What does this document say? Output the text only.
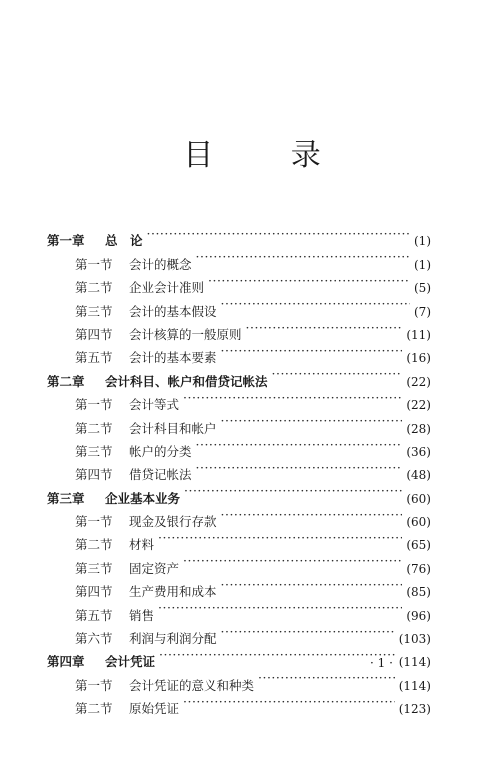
目 录
第一章	总　论 ·····	(1)
第一节	会计的概念 ·····	(1)
第二节	企业会计准则 ·····	(5)
第三节	会计的基本假设 ·····	(7)
第四节	会计核算的一般原则 ·····	(11)
第五节	会计的基本要素 ·····	(16)
第二章	会计科目、帐户和借贷记帐法 ·····	(22)
第一节	会计等式 ·····	(22)
第二节	会计科目和帐户 ·····	(28)
第三节	帐户的分类 ·····	(36)
第四节	借贷记帐法 ·····	(48)
第三章	企业基本业务 ·····	(60)
第一节	现金及银行存款 ·····	(60)
第二节	材料 ·····	(65)
第三节	固定资产 ·····	(76)
第四节	生产费用和成本 ·····	(85)
第五节	销售 ·····	(96)
第六节	利润与利润分配 ·····	(103)
第四章	会计凭证 ·····	(114)
第一节	会计凭证的意义和种类 ·····	(114)
第二节	原始凭证 ·····	(123)
· 1 ·
